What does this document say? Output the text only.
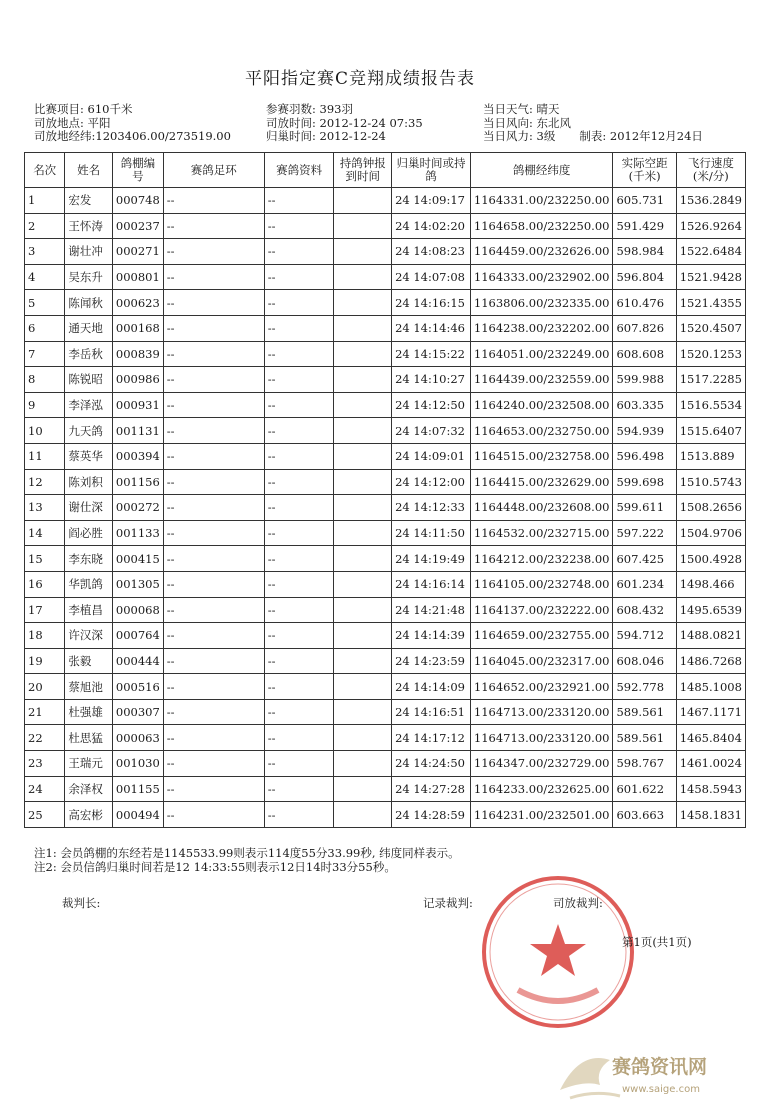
平阳指定赛C竞翔成绩报告表
比赛项目: 610千米	参赛羽数: 393羽	当日天气: 晴天
司放地点: 平阳	司放时间: 2012-12-24 07:35	当日风向: 东北风
司放地经纬:1203406.00/273519.00	归巢时间: 2012-12-24	当日风力: 3级 制表: 2012年12月24日
名次	姓名	鸽棚编号	赛鸽足环	赛鸽资料	持鸽钟报到时间	归巢时间或持鸽	鸽棚经纬度	实际空距(千米)	飞行速度(米/分)
1	宏发	000748	--	--		24 14:09:17	1164331.00/232250.00	605.731	1536.2849
2	王怀涛	000237	--	--		24 14:02:20	1164658.00/232250.00	591.429	1526.9264
3	谢壮冲	000271	--	--		24 14:08:23	1164459.00/232626.00	598.984	1522.6484
4	吴东升	000801	--	--		24 14:07:08	1164333.00/232902.00	596.804	1521.9428
5	陈闻秋	000623	--	--		24 14:16:15	1163806.00/232335.00	610.476	1521.4355
6	通天地	000168	--	--		24 14:14:46	1164238.00/232202.00	607.826	1520.4507
7	李岳秋	000839	--	--		24 14:15:22	1164051.00/232249.00	608.608	1520.1253
8	陈锐昭	000986	--	--		24 14:10:27	1164439.00/232559.00	599.988	1517.2285
9	李泽泓	000931	--	--		24 14:12:50	1164240.00/232508.00	603.335	1516.5534
10	九天鸽	001131	--	--		24 14:07:32	1164653.00/232750.00	594.939	1515.6407
11	蔡英华	000394	--	--		24 14:09:01	1164515.00/232758.00	596.498	1513.889
12	陈刘积	001156	--	--		24 14:12:00	1164415.00/232629.00	599.698	1510.5743
13	谢仕深	000272	--	--		24 14:12:33	1164448.00/232608.00	599.611	1508.2656
14	阎必胜	001133	--	--		24 14:11:50	1164532.00/232715.00	597.222	1504.9706
15	李东晓	000415	--	--		24 14:19:49	1164212.00/232238.00	607.425	1500.4928
16	华凯鸽	001305	--	--		24 14:16:14	1164105.00/232748.00	601.234	1498.466
17	李植昌	000068	--	--		24 14:21:48	1164137.00/232222.00	608.432	1495.6539
18	许汉深	000764	--	--		24 14:14:39	1164659.00/232755.00	594.712	1488.0821
19	张毅	000444	--	--		24 14:23:59	1164045.00/232317.00	608.046	1486.7268
20	蔡旭池	000516	--	--		24 14:14:09	1164652.00/232921.00	592.778	1485.1008
21	杜强雄	000307	--	--		24 14:16:51	1164713.00/233120.00	589.561	1467.1171
22	杜思猛	000063	--	--		24 14:17:12	1164713.00/233120.00	589.561	1465.8404
23	王瑞元	001030	--	--		24 14:24:50	1164347.00/232729.00	598.767	1461.0024
24	余泽权	001155	--	--		24 14:27:28	1164233.00/232625.00	601.622	1458.5943
25	高宏彬	000494	--	--		24 14:28:59	1164231.00/232501.00	603.663	1458.1831
注1: 会员鸽棚的东经若是1145533.99则表示114度55分33.99秒, 纬度同样表示。
注2: 会员信鸽归巢时间若是12 14:33:55则表示12日14时33分55秒。
裁判长:	记录裁判:	司放裁判:
第1页(共1页)
赛鸽资讯网
www.saige.com
